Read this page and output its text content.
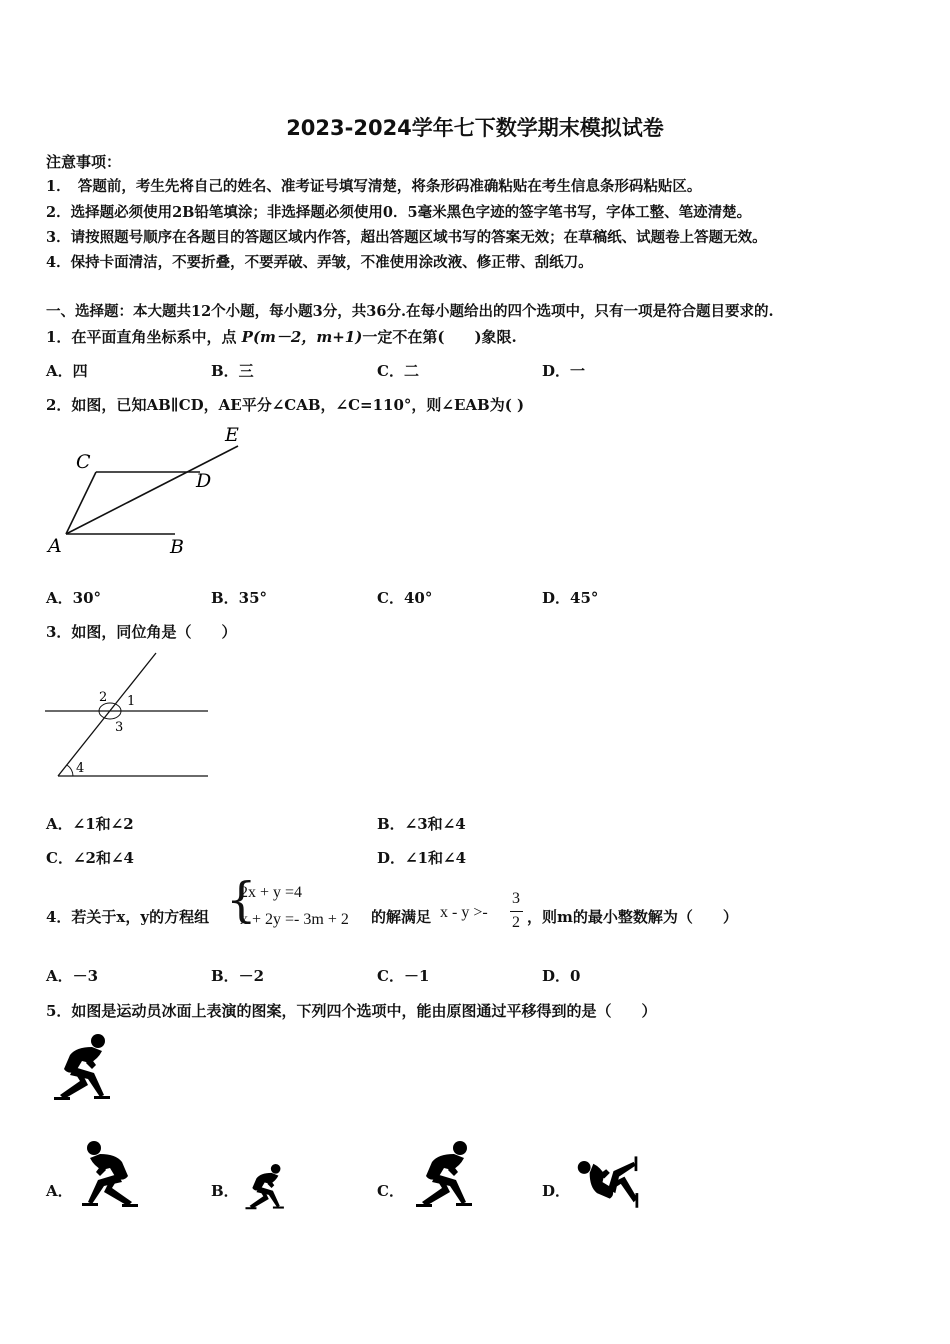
2023-2024学年七下数学期末模拟试卷
注意事项：
1．　答题前，考生先将自己的姓名、准考证号填写清楚，将条形码准确粘贴在考生信息条形码粘贴区。
2．选择题必须使用2B铅笔填涂；非选择题必须使用0．5毫米黑色字迹的签字笔书写，字体工整、笔迹清楚。
3．请按照题号顺序在各题目的答题区域内作答，超出答题区域书写的答案无效；在草稿纸、试题卷上答题无效。
4．保持卡面清洁，不要折叠，不要弄破、弄皱，不准使用涂改液、修正带、刮纸刀。
一、选择题：本大题共12个小题，每小题3分，共36分.在每小题给出的四个选项中，只有一项是符合题目要求的.
1．在平面直角坐标系中，点 P(m－2，m+1)一定不在第(　　)象限.
A．四	B．三	C．二	D．一
2．如图，已知AB∥CD，AE平分∠CAB，∠C=110°，则∠EAB为( )
E
C
D
A	B
A．30°	B．35°	C．40°	D．45°
3．如图，同位角是（　　）
1
2
3
4
A．∠1和∠2	B．∠3和∠4
C．∠2和∠4	D．∠1和∠4
4．若关于x，y的方程组 {
2x + y =4
x + 2y =- 3m + 2 的解满足 x - y >-
3
2 ，则m的最小整数解为（　　）
A．－3	B．－2	C．－1	D．0
5．如图是运动员冰面上表演的图案，下列四个选项中，能由原图通过平移得到的是（　　）
A．	B．	C．	D．
